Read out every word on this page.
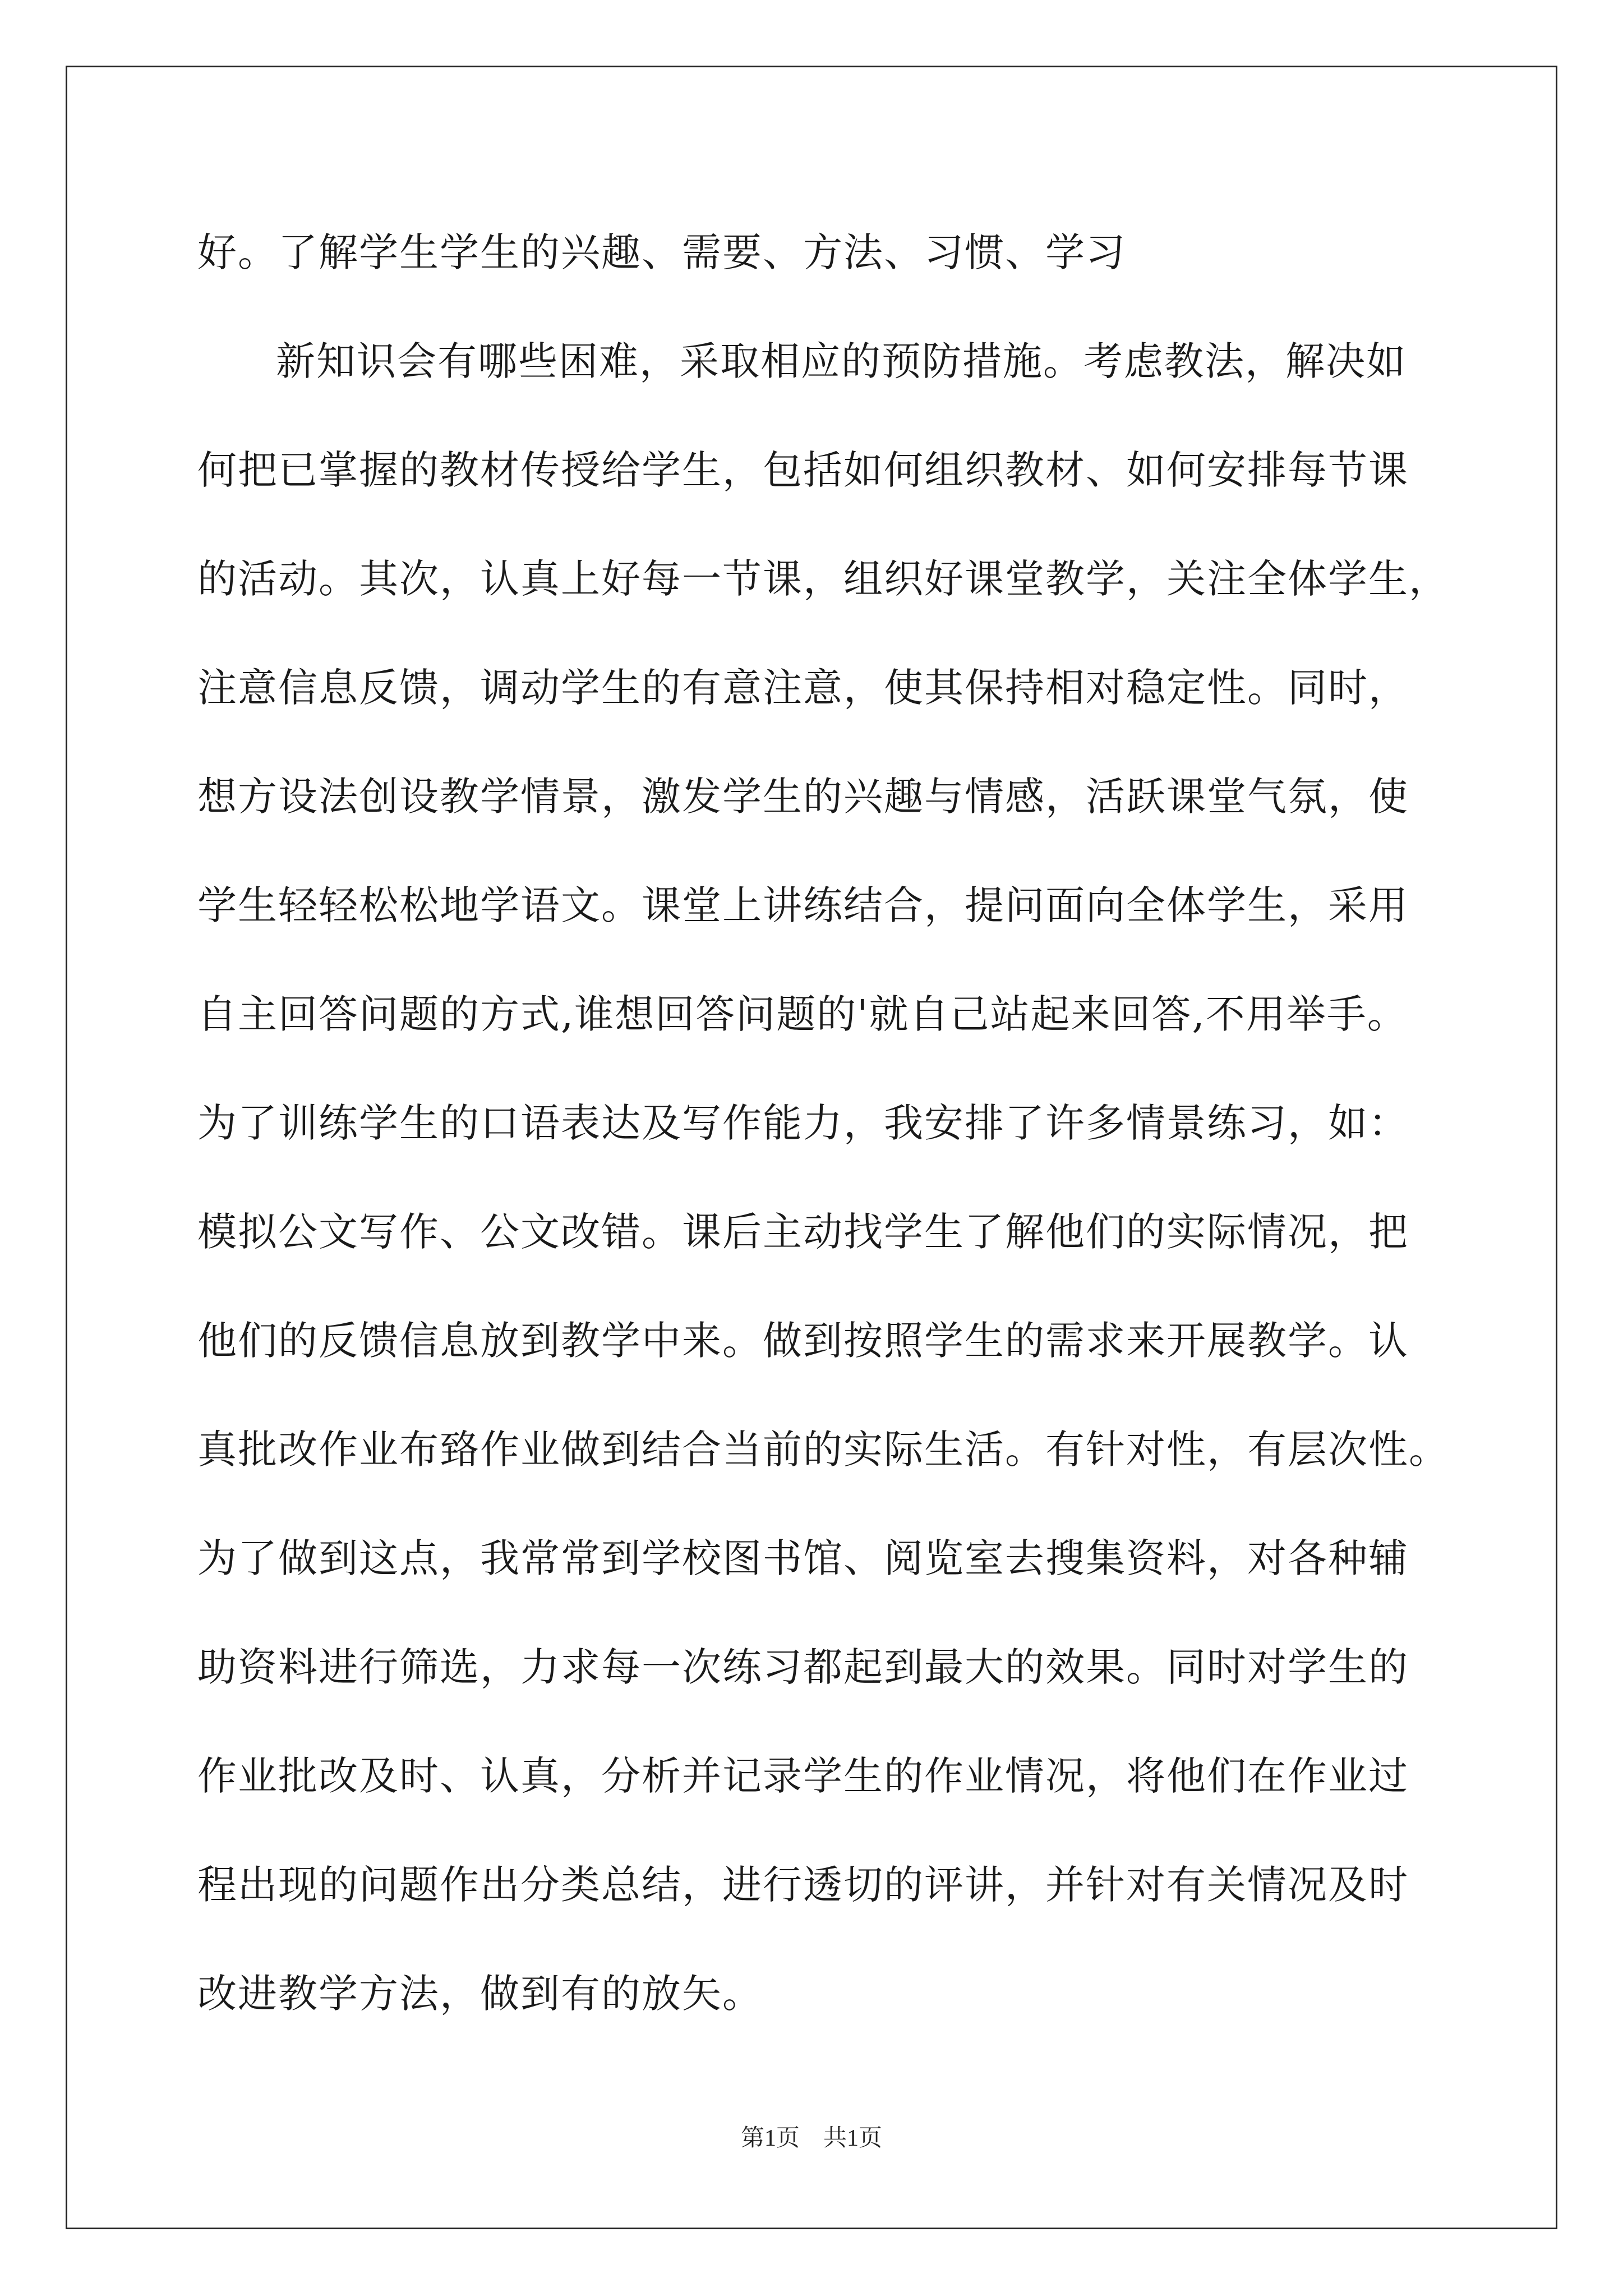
好。了解学生学生的兴趣、需要、方法、习惯、学习
新知识会有哪些困难，采取相应的预防措施。考虑教法，解决如
何把已掌握的教材传授给学生，包括如何组织教材、如何安排每节课
的活动。其次，认真上好每一节课，组织好课堂教学，关注全体学生，
注意信息反馈，调动学生的有意注意，使其保持相对稳定性。同时，
想方设法创设教学情景，激发学生的兴趣与情感，活跃课堂气氛，使
学生轻轻松松地学语文。课堂上讲练结合，提问面向全体学生，采用
自主回答问题的方式,谁想回答问题的'就自己站起来回答,不用举手。
为了训练学生的口语表达及写作能力，我安排了许多情景练习，如：
模拟公文写作、公文改错。课后主动找学生了解他们的实际情况，把
他们的反馈信息放到教学中来。做到按照学生的需求来开展教学。认
真批改作业布臵作业做到结合当前的实际生活。有针对性，有层次性。
为了做到这点，我常常到学校图书馆、阅览室去搜集资料，对各种辅
助资料进行筛选，力求每一次练习都起到最大的效果。同时对学生的
作业批改及时、认真，分析并记录学生的作业情况，将他们在作业过
程出现的问题作出分类总结，进行透切的评讲，并针对有关情况及时
改进教学方法，做到有的放矢。
第1页　共1页
